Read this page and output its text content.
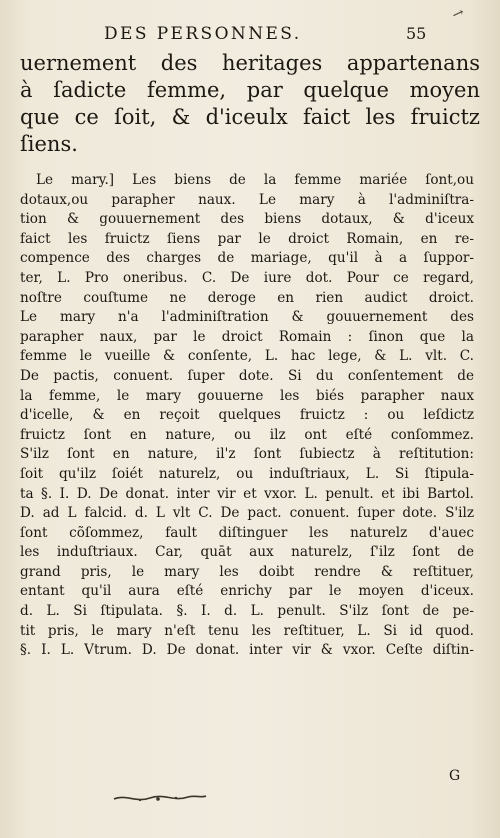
↗
DES PERSONNES.	55
uernement des heritages appartenans
à ſadicte femme, par quelque moyen
que ce ſoit, & d'iceulx faict les fruictz
ſiens.
Le mary.] Les biens de la femme mariée ſont,ou
dotaux,ou parapher naux. Le mary à l'adminiſtra-
tion & gouuernement des biens dotaux, & d'iceux
faict les fruictz ſiens par le droict Romain, en re-
compence des charges de mariage, qu'il à a ſuppor-
ter, L. Pro oneribus. C. De iure dot. Pour ce regard,
noſtre couſtume ne deroge en rien audict droict.
Le mary n'a l'adminiſtration & gouuernement des
parapher naux, par le droict Romain : ſinon que la
femme le vueille & conſente, L. hac lege, & L. vlt. C.
De pactis, conuent. ſuper dote. Si du conſentement de
la femme, le mary gouuerne les biés parapher naux
d'icelle, & en reçoit quelques fruictz : ou leſdictz
fruictz ſont en nature, ou ilz ont eſté conſommez.
S'ilz ſont en nature, il'z ſont ſubiectz à reſtitution:
ſoit qu'ilz ſoiét naturelz, ou induſtriaux, L. Si ſtipula-
ta §. I. D. De donat. inter vir et vxor. L. penult. et ibi Bartol.
D. ad L falcid. d. L vlt C. De pact. conuent. ſuper dote. S'ilz
ſont cõſommez, fault diſtinguer les naturelz d'auec
les induſtriaux. Car, quāt aux naturelz, ſ'ilz ſont de
grand pris, le mary les doibt rendre & reſtituer,
entant qu'il aura eſté enrichy par le moyen d'iceux.
d. L. Si ſtipulata. §. I. d. L. penult. S'ilz ſont de pe-
tit pris, le mary n'eſt tenu les reſtituer, L. Si id quod.
§. I. L. Vtrum. D. De donat. inter vir & vxor. Ceſte diſtin-
G
